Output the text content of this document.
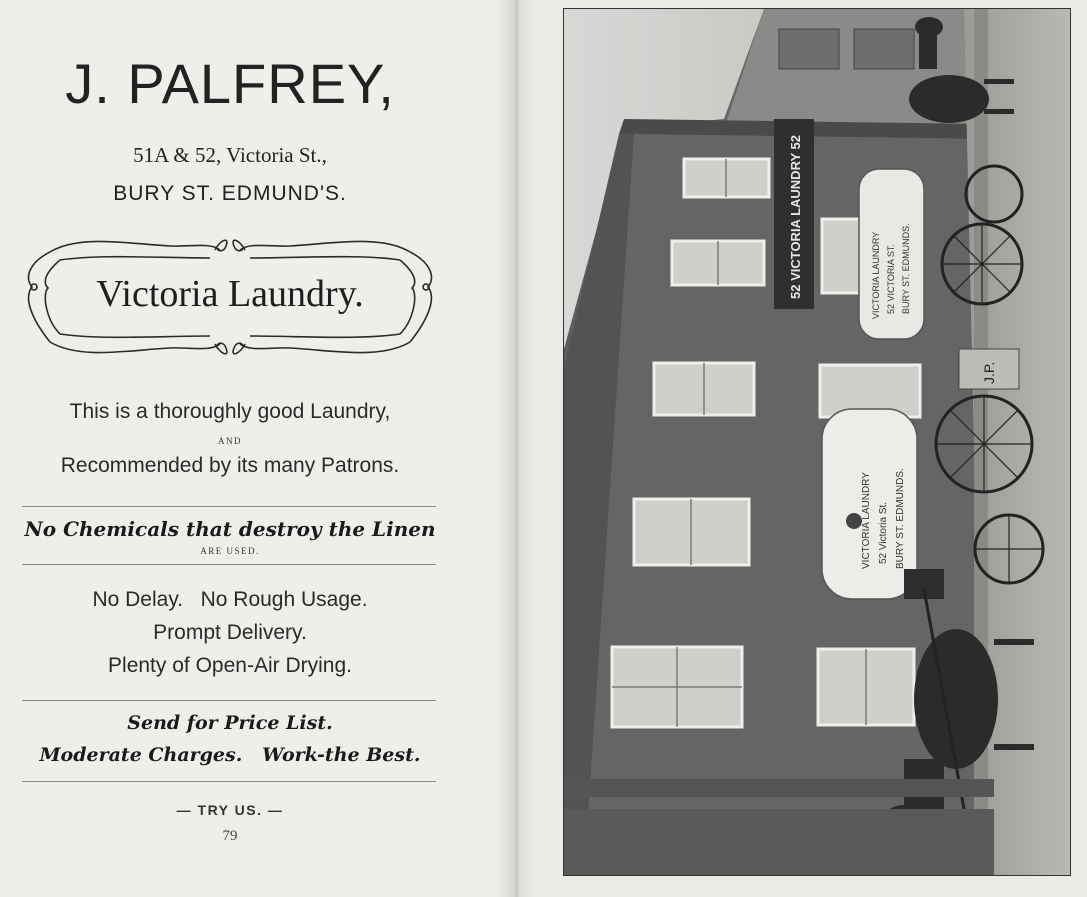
J. PALFREY,
51A & 52, Victoria St.,
BURY ST. EDMUND'S.
Victoria Laundry.
This is a thoroughly good Laundry,
AND
Recommended by its many Patrons.
No Chemicals that destroy the Linen
ARE USED.
No Delay.   No Rough Usage.
Prompt Delivery.
Plenty of Open-Air Drying.
Send for Price List.
Moderate Charges.   Work-the Best.
— TRY US. —
79
52 VICTORIA LAUNDRY 52	VICTORIA LAUNDRY 52 VICTORIA ST. BURY ST. EDMUNDS.
J.P.
VICTORIA LAUNDRY 52 Victoria St. BURY ST. EDMUNDS.
